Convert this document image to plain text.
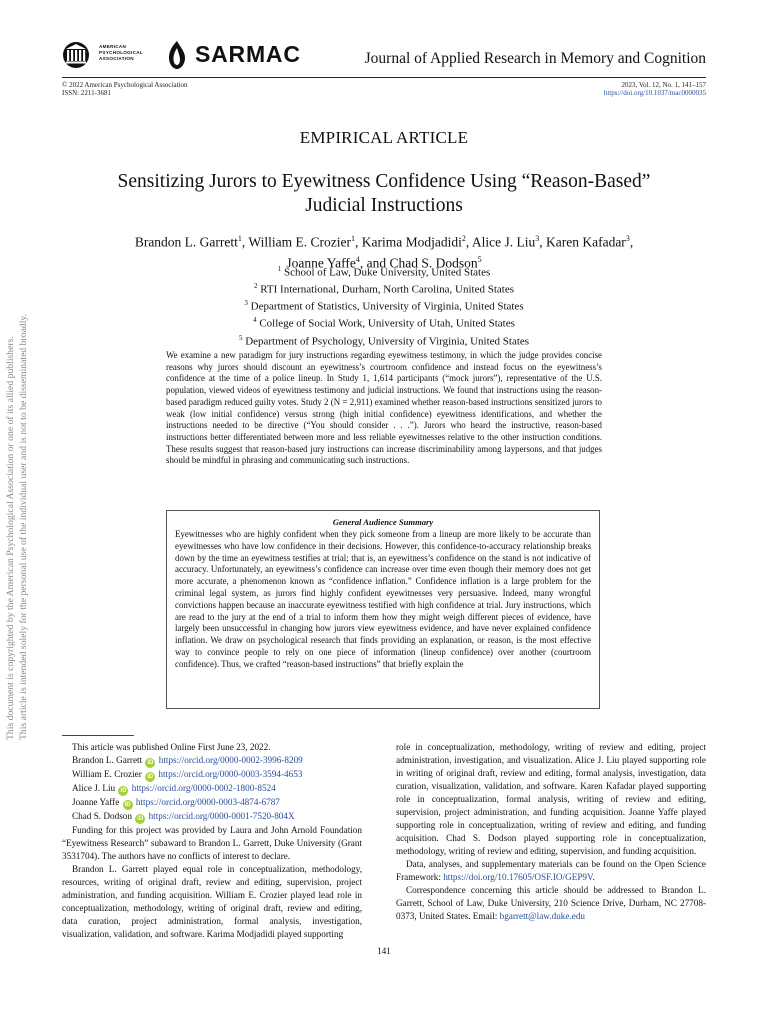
AMERICAN
PSYCHOLOGICAL
ASSOCIATION	SARMAC	Journal of Applied Research in Memory and Cognition
© 2022 American Psychological Association
ISSN: 2211-3681
2023, Vol. 12, No. 1, 141–157
https://doi.org/10.1037/mac0000035
EMPIRICAL ARTICLE
Sensitizing Jurors to Eyewitness Confidence Using “Reason-Based”
Judicial Instructions
Brandon L. Garrett$^1$, William E. Crozier$^1$, Karima Modjadidi$^2$, Alice J. Liu$^3$, Karen Kafadar$^3$,
Joanne Yaffe$^4$, and Chad S. Dodson$^5$
$^1$ School of Law, Duke University, United States
$^2$ RTI International, Durham, North Carolina, United States
$^3$ Department of Statistics, University of Virginia, United States
$^4$ College of Social Work, University of Utah, United States
$^5$ Department of Psychology, University of Virginia, United States
We examine a new paradigm for jury instructions regarding eyewitness testimony, in which the judge provides concise reasons why jurors should discount an eyewitness’s courtroom confidence and instead focus on the eyewitness’s confidence at the time of a police lineup. In Study 1, 1,614 participants (“mock jurors”), representative of the U.S. population, viewed videos of eyewitness testimony and judicial instructions. We found that instructions using the reason-based paradigm reduced guilty votes. Study 2 (N = 2,911) examined whether reason-based instructions sensitized jurors to weak (low initial confidence) versus strong (high initial confidence) eyewitness identifications, and whether the instructions needed to be directive (“You should consider . . .”). Jurors who heard the instructive, reason-based instructions better differentiated between more and less reliable eyewitnesses relative to the other instruction conditions. These results suggest that reason-based jury instructions can increase discriminability among laypersons, and that judges should be mindful in phrasing and communicating such instructions.
General Audience Summary
Eyewitnesses who are highly confident when they pick someone from a lineup are more likely to be accurate than eyewitnesses who have low confidence in their decisions. However, this confidence-to-accuracy relationship breaks down by the time an eyewitness testifies at trial; that is, an eyewitness’s confidence on the stand is not indicative of accuracy. Unfortunately, an eyewitness’s confidence can increase over time even though their memory does not get more accurate, a phenomenon known as “confidence inflation.” Confidence inflation is a large problem for the criminal legal system, as jurors find highly confident eyewitnesses very persuasive. Indeed, many wrongful convictions happen because an inaccurate eyewitness testified with high confidence at trial. Jury instructions, which are read to the jury at the end of a trial to inform them how they might weigh different pieces of evidence, have largely been unsuccessful in changing how jurors view eyewitness evidence, and have never explained confidence inflation. We draw on psychological research that finds providing an explanation, or reason, is the most effective way to convince people to rely on one piece of information (lineup confidence) over another (courtroom confidence). Thus, we crafted “reason-based instructions” that briefly explain the
This document is copyrighted by the American Psychological Association or one of its allied publishers. This article is intended solely for the personal use of the individual user and is not to be disseminated broadly.

This article was published Online First June 23, 2022.

Brandon L. Garrett iD https://orcid.org/0000-0002-3996-8209

William E. Crozier iD https://orcid.org/0000-0003-3594-4653

Alice J. Liu iD https://orcid.org/0000-0002-1800-8524

Joanne Yaffe iD https://orcid.org/0000-0003-4874-6787

Chad S. Dodson iD https://orcid.org/0000-0001-7520-804X

Funding for this project was provided by Laura and John Arnold Foundation “Eyewitness Research” subaward to Brandon L. Garrett, Duke University (Grant 3531704). The authors have no conflicts of interest to declare.

Brandon L. Garrett played equal role in conceptualization, methodology, resources, writing of original draft, review and editing, supervision, project administration, and funding acquisition. William E. Crozier played lead role in conceptualization, methodology, writing of original draft, review and editing, data curation, project administration, formal analysis, investigation, visualization, validation, and software. Karima Modjadidi played supporting

role in conceptualization, methodology, writing of review and editing, project administration, investigation, and visualization. Alice J. Liu played supporting role in writing of original draft, review and editing, formal analysis, investigation, data curation, visualization, validation, and software. Karen Kafadar played supporting role in conceptualization, formal analysis, writing of review and editing, supervision, project administration, and funding acquisition. Joanne Yaffe played supporting role in conceptualization, writing of review and editing, and funding acquisition. Chad S. Dodson played supporting role in conceptualization, methodology, writing of review and editing, supervision, and funding acquisition.

Data, analyses, and supplementary materials can be found on the Open Science Framework: https://doi.org/10.17605/OSF.IO/GEP9V.

Correspondence concerning this article should be addressed to Brandon L. Garrett, School of Law, Duke University, 210 Science Drive, Durham, NC 27708-0373, United States. Email: bgarrett@law.duke.edu

141
